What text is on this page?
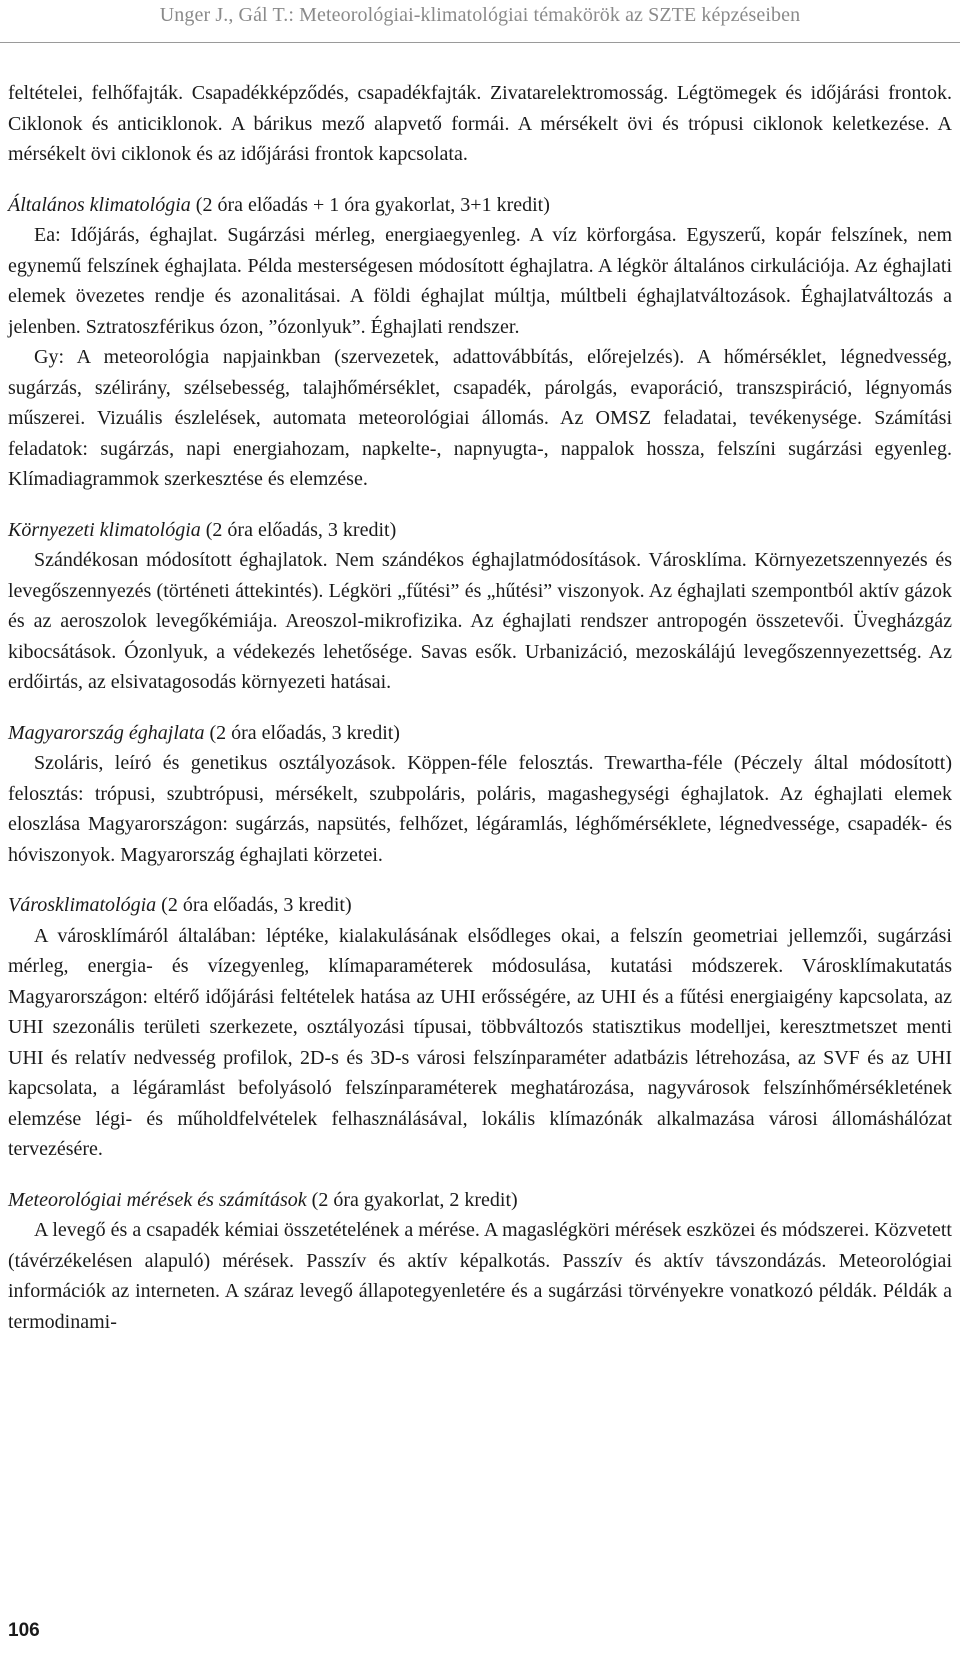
Unger J., Gál T.: Meteorológiai-klimatológiai témakörök az SZTE képzéseiben

feltételei, felhőfajták. Csapadékképződés, csapadékfajták. Zivatarelektromosság. Légtömegek és időjárási frontok. Ciklonok és anticiklonok. A bárikus mező alapvető formái. A mérsékelt övi és trópusi ciklonok keletkezése. A mérsékelt övi ciklonok és az időjárási frontok kapcsolata.

Általános klimatológia (2 óra előadás + 1 óra gyakorlat, 3+1 kredit)

Ea: Időjárás, éghajlat. Sugárzási mérleg, energiaegyenleg. A víz körforgása. Egyszerű, kopár felszínek, nem egynemű felszínek éghajlata. Példa mesterségesen módosított éghajlatra. A légkör általános cirkulációja. Az éghajlati elemek övezetes rendje és azonalitásai. A földi éghajlat múltja, múltbeli éghajlatváltozások. Éghajlatváltozás a jelenben. Sztratoszférikus ózon, ”ózonlyuk”. Éghajlati rendszer.

Gy: A meteorológia napjainkban (szervezetek, adattovábbítás, előrejelzés). A hőmérséklet, légnedvesség, sugárzás, szélirány, szélsebesség, talajhőmérséklet, csapadék, párolgás, evaporáció, transzspiráció, légnyomás műszerei. Vizuális észlelések, automata meteorológiai állomás. Az OMSZ feladatai, tevékenysége. Számítási feladatok: sugárzás, napi energiahozam, napkelte-, napnyugta-, nappalok hossza, felszíni sugárzási egyenleg. Klímadiagrammok szerkesztése és elemzése.

Környezeti klimatológia (2 óra előadás, 3 kredit)

Szándékosan módosított éghajlatok. Nem szándékos éghajlatmódosítások. Városklíma. Környezetszennyezés és levegőszennyezés (történeti áttekintés). Légköri „fűtési” és „hűtési” viszonyok. Az éghajlati szempontból aktív gázok és az aeroszolok levegőkémiája. Areoszol-mikrofizika. Az éghajlati rendszer antropogén összetevői. Üvegházgáz kibocsátások. Ózonlyuk, a védekezés lehetősége. Savas esők. Urbanizáció, mezoskálájú levegőszennyezettség. Az erdőirtás, az elsivatagosodás környezeti hatásai.

Magyarország éghajlata (2 óra előadás, 3 kredit)

Szoláris, leíró és genetikus osztályozások. Köppen-féle felosztás. Trewartha-féle (Péczely által módosított) felosztás: trópusi, szubtrópusi, mérsékelt, szubpoláris, poláris, magashegységi éghajlatok. Az éghajlati elemek eloszlása Magyarországon: sugárzás, napsütés, felhőzet, légáramlás, léghőmérséklete, légnedvessége, csapadék- és hóviszonyok. Magyarország éghajlati körzetei.

Városklimatológia (2 óra előadás, 3 kredit)

A városklímáról általában: léptéke, kialakulásának elsődleges okai, a felszín geometriai jellemzői, sugárzási mérleg, energia- és vízegyenleg, klímaparaméterek módosulása, kutatási módszerek. Városklímakutatás Magyarországon: eltérő időjárási feltételek hatása az UHI erősségére, az UHI és a fűtési energiaigény kapcsolata, az UHI szezonális területi szerkezete, osztályozási típusai, többváltozós statisztikus modelljei, keresztmetszet menti UHI és relatív nedvesség profilok, 2D-s és 3D-s városi felszínparaméter adatbázis létrehozása, az SVF és az UHI kapcsolata, a légáramlást befolyásoló felszínparaméterek meghatározása, nagyvárosok felszínhőmérsékletének elemzése légi- és műholdfelvételek felhasználásával, lokális klímazónák alkalmazása városi állomáshálózat tervezésére.

Meteorológiai mérések és számítások (2 óra gyakorlat, 2 kredit)

A levegő és a csapadék kémiai összetételének a mérése. A magaslégköri mérések eszközei és módszerei. Közvetett (távérzékelésen alapuló) mérések. Passzív és aktív képalkotás. Passzív és aktív távszondázás. Meteorológiai információk az interneten. A száraz levegő állapotegyenletére és a sugárzási törvényekre vonatkozó példák. Példák a termodinami-

106
